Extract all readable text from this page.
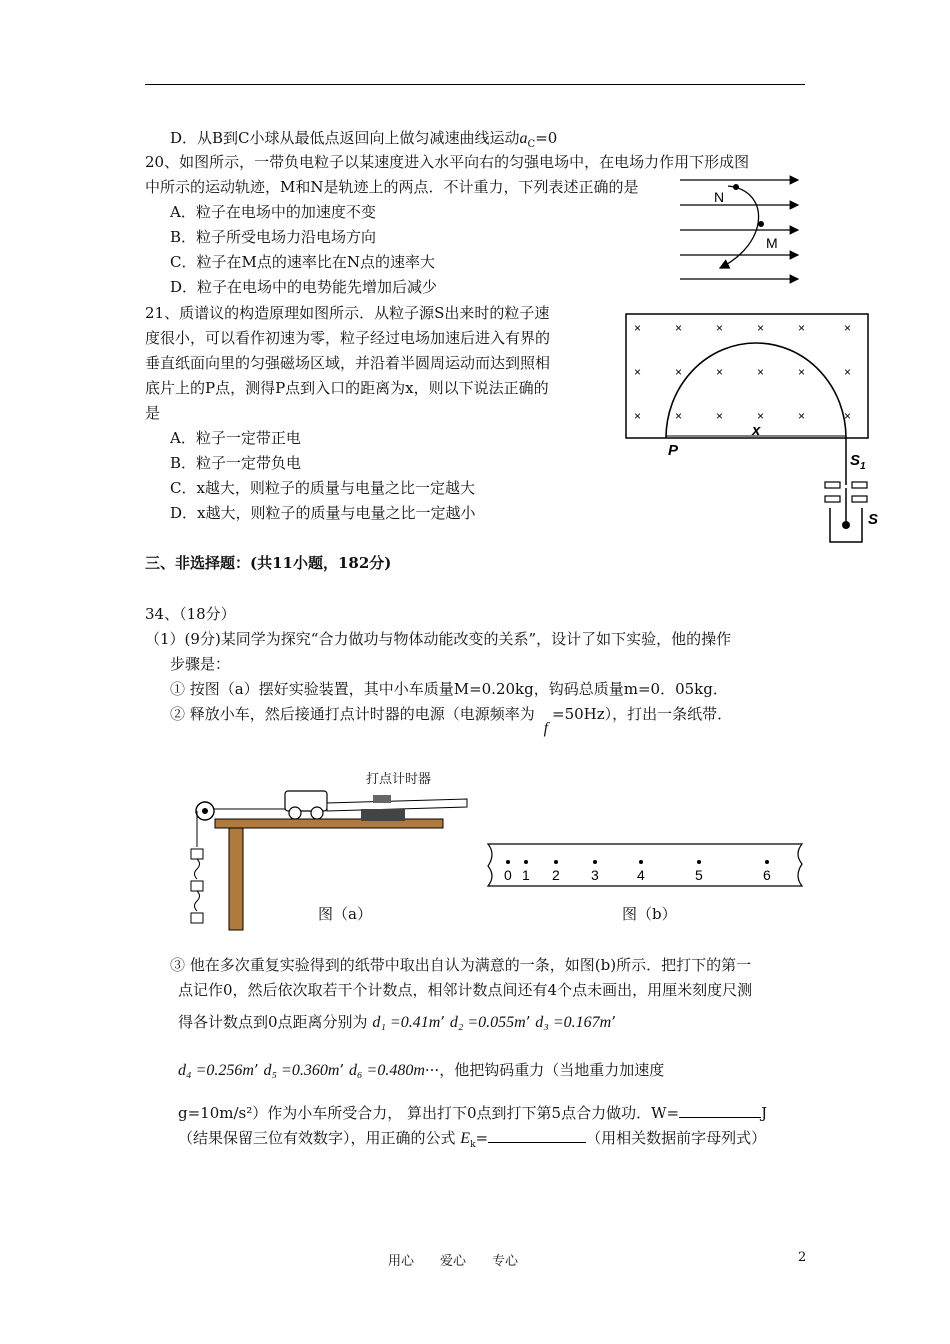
D．从B到C小球从最低点返回向上做匀减速曲线运动$a_C=0$
20、如图所示，一带负电粒子以某速度进入水平向右的匀强电场中，在电场力作用下形成图
中所示的运动轨迹，M和N是轨迹上的两点．不计重力，下列表述正确的是
A．粒子在电场中的加速度不变
B．粒子所受电场力沿电场方向
C．粒子在M点的速率比在N点的速率大
D．粒子在电场中的电势能先增加后减少
N
M
21、质谱议的构造原理如图所示．从粒子源S出来时的粒子速
度很小，可以看作初速为零，粒子经过电场加速后进入有界的
垂直纸面向里的匀强磁场区域，并沿着半圆周运动而达到照相
底片上的P点，测得P点到入口的距离为x，则以下说法正确的
是
A．粒子一定带正电
B．粒子一定带负电
C．x越大，则粒子的质量与电量之比一定越大
D．x越大，则粒子的质量与电量之比一定越小
×	×	×	×	×	×
×	×	×	×	×	×
×	×	×	×	×	×
P
x
$S_1$
S
三、非选择题：(共11小题，182分)
34、（18分）
（1）(9分)某同学为探究“合力做功与物体动能改变的关系”，设计了如下实验，他的操作
步骤是：
① 按图（a）摆好实验装置，其中小车质量M=0.20kg，钩码总质量m=0．05kg．
② 释放小车，然后接通打点计时器的电源（电源频率为 f=50Hz），打出一条纸带．
打点计时器
图（a）
0 1 2 3	4	5	6
图（b）
③ 他在多次重复实验得到的纸带中取出自认为满意的一条，如图(b)所示．把打下的第一
点记作0，然后依次取若干个计数点，相邻计数点间还有4个点未画出，用厘米刻度尺测
得各计数点到0点距离分别为 d₁ =0.41m’ d₂ =0.055m’ d₃ =0.167m’
d₄ =0.256m’ d₅ =0.360m’ d₆ =0.480m···，他把钩码重力（当地重力加速度
g=10m/s²）作为小车所受合力， 算出打下0点到打下第5点合力做功．W=	J
（结果保留三位有效数字），用正确的公式 $E_k=$	（用相关数据前字母列式）
用心　　爱心　　专心	2
